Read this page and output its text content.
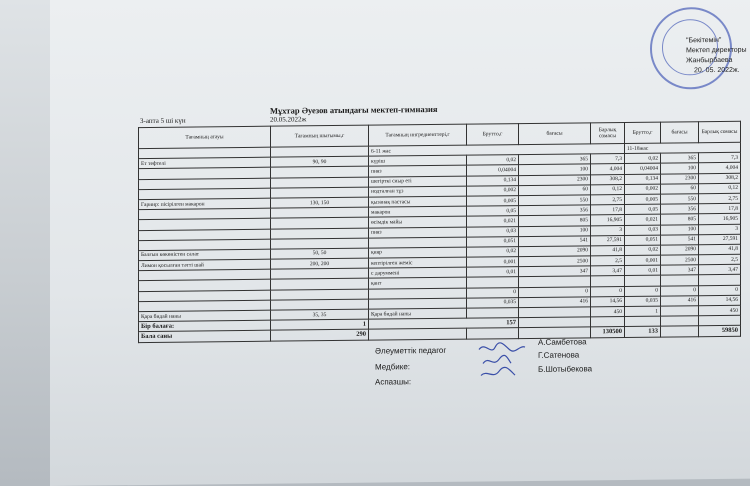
"Бекітемін"
Мектеп директоры
Жанбырбаева
20. 05. 2022ж.
Мұхтар Әуезов атындағы мектеп-гимназия
3-апта 5 ші күн	20.05.2022ж
Тағамның атауы	Тағамның шығымы,г	Тағамның ингредиенттері,г	Брутто,г	бағасы	Барлық сомасы	Брутто,г	бағасы	Барлық сомасы
		6-11 жас				11-18жас		
Ет тефтелі	90, 90	күріш	0,02	365	7,3	0,02	365	7,3
		пияз	0,04004	100	4,004	0,04004	100	4,004
		шегірткі сиыр еті	0,134	2300	308,2	0,134	2300	308,2
		иодталған тұз	0,002	60	0,12	0,002	60	0,12
Гарнир: пісірілген макарон	130, 150	қызанақ пастасы	0,005	550	2,75	0,005	550	2,75
		макарон	0,05	356	17,8	0,05	356	17,8
		өсімдік майы	0,021	805	16,905	0,021	805	16,905
		пияз	0,03	100	3	0,03	100	3
			0,051	541	27,591	0,051	541	27,591
Балғын көкөністен салат	50, 50	қияр	0,02	2090	41,8	0,02	2090	41,8
Лимон қосылған тәтті шай	200, 200	кептірілген жеміс	0,001	2500	2,5	0,001	2500	2,5
		с дәруммені	0,01	347	3,47	0,01	347	3,47
		қант						
			0	0	0	0	0	0
			0,035	416	14,56	0,035	416	14,56
Қара бидай наны	35, 35	Қара бидай наны			450	1		450
Бір балаға:	1	157						
Бала саны	290				130500	133		59850
Әлеуметтік педагог
Медбике:
Аспазшы:
А.Самбетова
Г.Сатенова
Б.Шотыбекова
